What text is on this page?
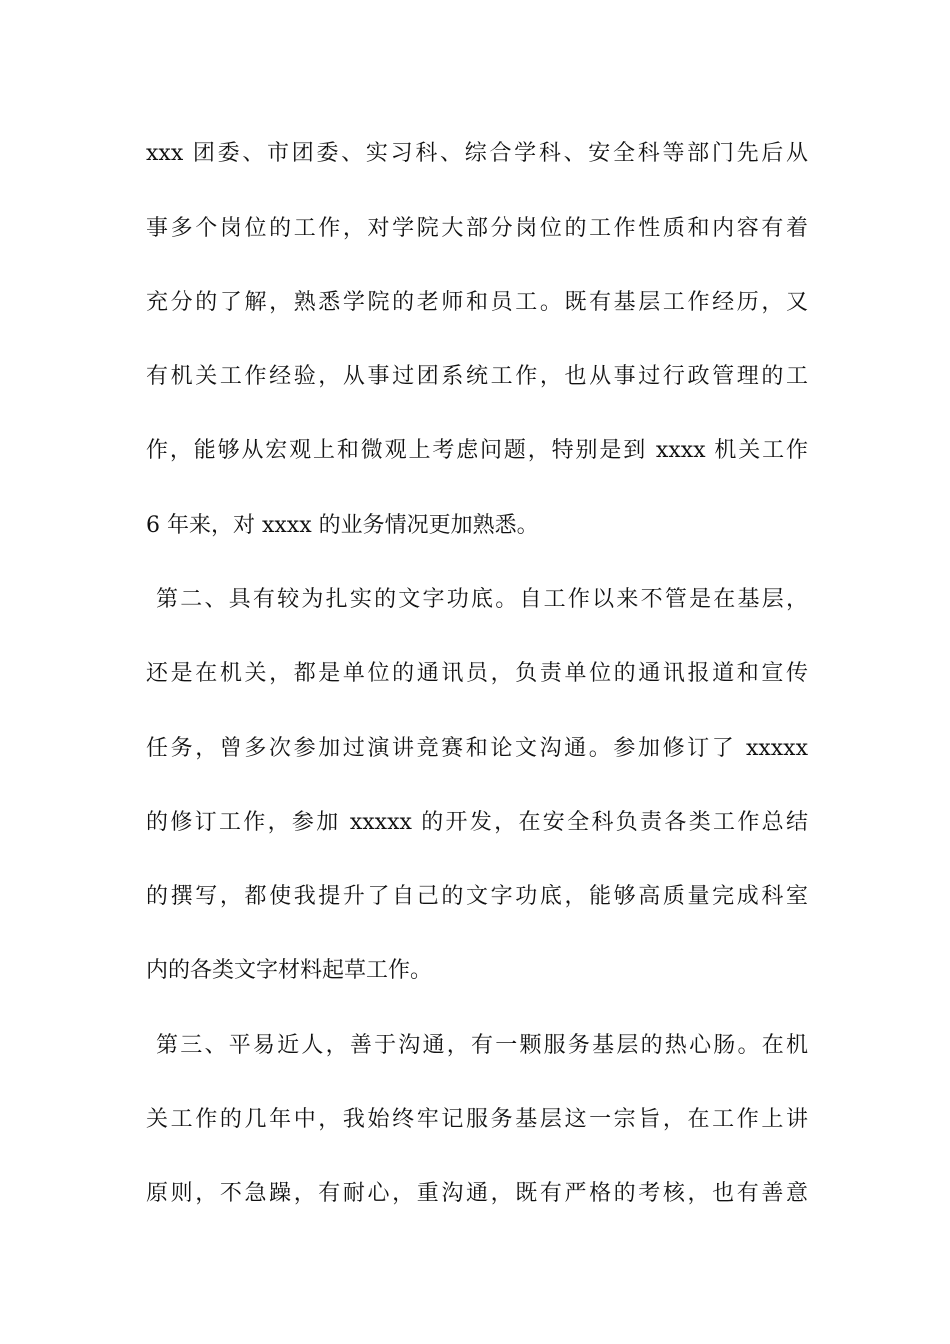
xxx 团委、市团委、实习科、综合学科、安全科等部门先后从
事多个岗位的工作，对学院大部分岗位的工作性质和内容有着
充分的了解，熟悉学院的老师和员工。既有基层工作经历，又
有机关工作经验，从事过团系统工作，也从事过行政管理的工
作，能够从宏观上和微观上考虑问题，特别是到 xxxx 机关工作
6 年来，对 xxxx 的业务情况更加熟悉。
第二、具有较为扎实的文字功底。自工作以来不管是在基层，
还是在机关，都是单位的通讯员，负责单位的通讯报道和宣传
任务，曾多次参加过演讲竞赛和论文沟通。参加修订了 xxxxx
的修订工作，参加 xxxxx 的开发，在安全科负责各类工作总结
的撰写，都使我提升了自己的文字功底，能够高质量完成科室
内的各类文字材料起草工作。
第三、平易近人，善于沟通，有一颗服务基层的热心肠。在机
关工作的几年中，我始终牢记服务基层这一宗旨，在工作上讲
原则，不急躁，有耐心，重沟通，既有严格的考核，也有善意
